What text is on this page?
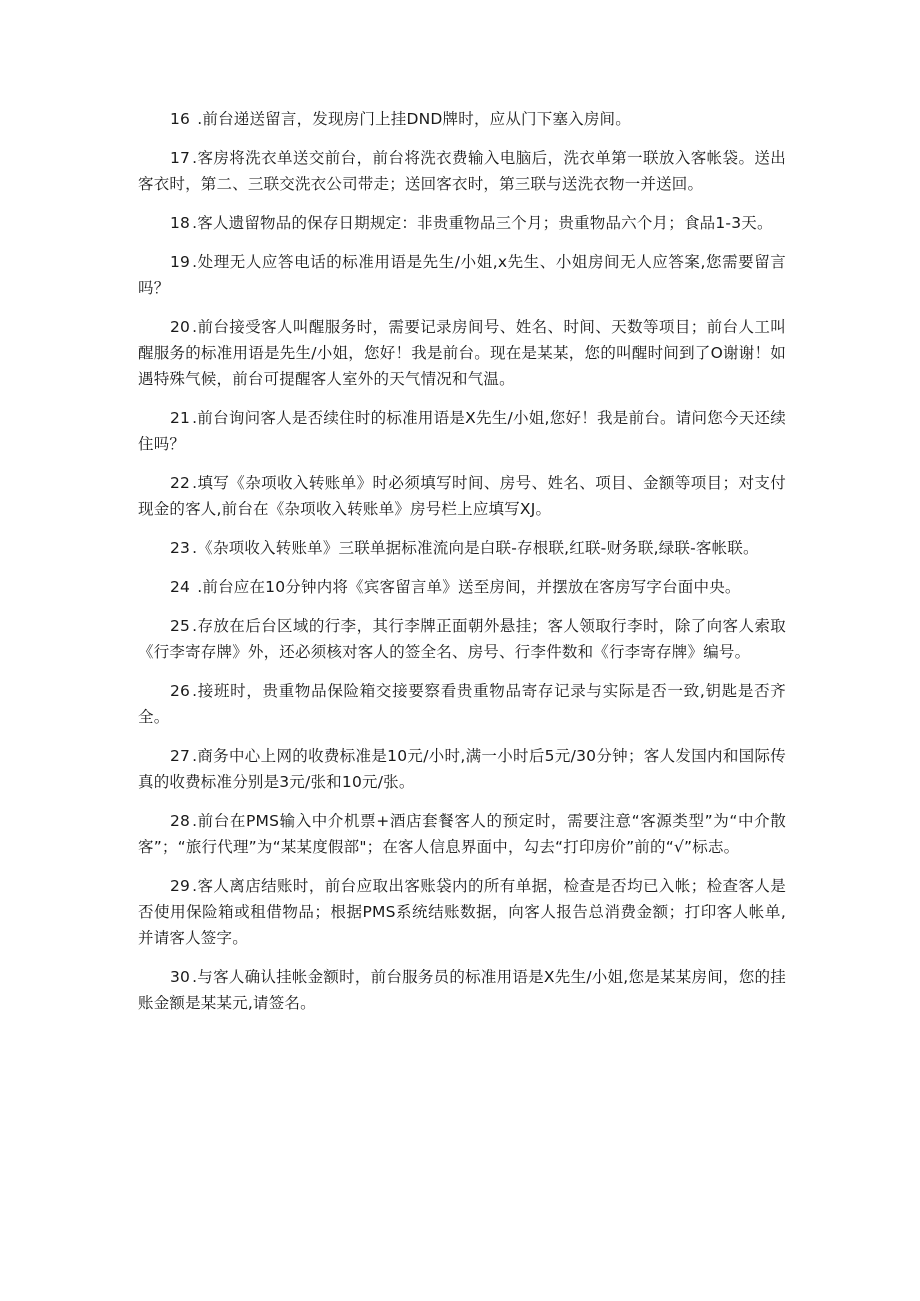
16 .前台递送留言，发现房门上挂DND牌时，应从门下塞入房间。

17 .客房将洗衣单送交前台，前台将洗衣费输入电脑后，洗衣单第一联放入客帐袋。送出客衣时，第二、三联交洗衣公司带走；送回客衣时，第三联与送洗衣物一并送回。

18 .客人遗留物品的保存日期规定：非贵重物品三个月；贵重物品六个月；食品1-3天。

19 .处理无人应答电话的标准用语是先生/小姐,x先生、小姐房间无人应答案,您需要留言吗？

20 .前台接受客人叫醒服务时，需要记录房间号、姓名、时间、天数等项目；前台人工叫醒服务的标准用语是先生/小姐，您好！我是前台。现在是某某，您的叫醒时间到了O谢谢！如遇特殊气候，前台可提醒客人室外的天气情况和气温。

21 .前台询问客人是否续住时的标准用语是X先生/小姐,您好！我是前台。请问您今天还续住吗？

22 .填写《杂项收入转账单》时必须填写时间、房号、姓名、项目、金额等项目；对支付现金的客人,前台在《杂项收入转账单》房号栏上应填写XJ。

23 .《杂项收入转账单》三联单据标准流向是白联-存根联,红联-财务联,绿联-客帐联。

24 .前台应在10分钟内将《宾客留言单》送至房间，并摆放在客房写字台面中央。

25 .存放在后台区域的行李，其行李牌正面朝外悬挂；客人领取行李时，除了向客人索取《行李寄存牌》外，还必须核对客人的签全名、房号、行李件数和《行李寄存牌》编号。

26 .接班时，贵重物品保险箱交接要察看贵重物品寄存记录与实际是否一致,钥匙是否齐全。

27 .商务中心上网的收费标准是10元/小时,满一小时后5元/30分钟；客人发国内和国际传真的收费标准分别是3元/张和10元/张。

28 .前台在PMS输入中介机票+酒店套餐客人的预定时，需要注意“客源类型”为“中介散客”；“旅行代理”为“某某度假部"；在客人信息界面中，勾去“打印房价”前的“√”标志。

29 .客人离店结账时，前台应取出客账袋内的所有单据，检查是否均已入帐；检查客人是否使用保险箱或租借物品；根据PMS系统结账数据，向客人报告总消费金额；打印客人帐单,并请客人签字。

30 .与客人确认挂帐金额时，前台服务员的标准用语是X先生/小姐,您是某某房间，您的挂账金额是某某元,请签名。
